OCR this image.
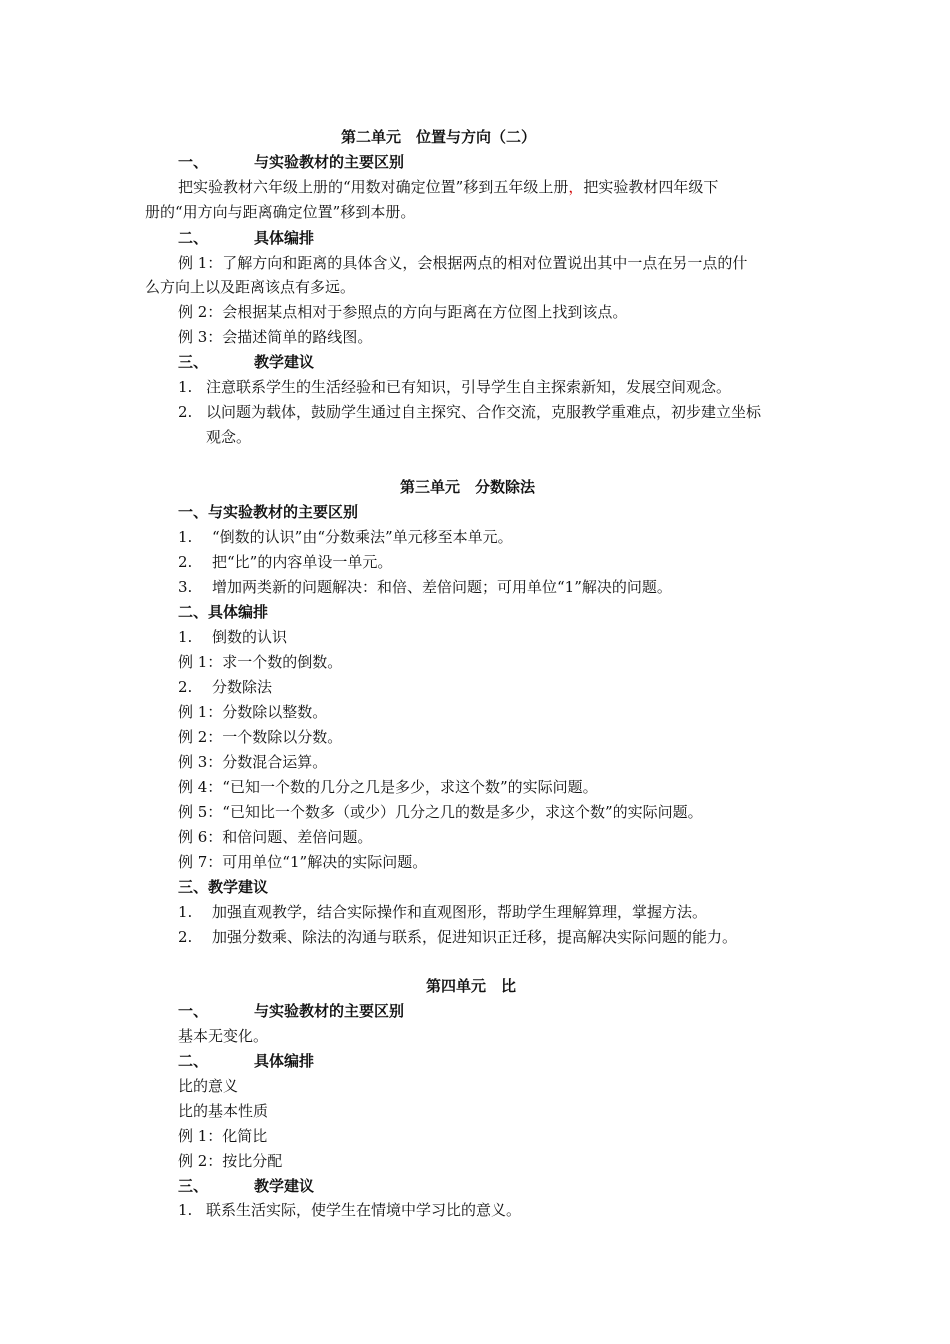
第二单元　位置与方向（二）
一、	与实验教材的主要区别
把实验教材六年级上册的“用数对确定位置”移到五年级上册，把实验教材四年级下
册的“用方向与距离确定位置”移到本册。
二、	具体编排
例 1：了解方向和距离的具体含义，会根据两点的相对位置说出其中一点在另一点的什
么方向上以及距离该点有多远。
例 2：会根据某点相对于参照点的方向与距离在方位图上找到该点。
例 3：会描述简单的路线图。
三、	教学建议
1. 注意联系学生的生活经验和已有知识，引导学生自主探索新知，发展空间观念。
2. 以问题为载体，鼓励学生通过自主探究、合作交流，克服教学重难点，初步建立坐标
观念。
第三单元　分数除法
一、与实验教材的主要区别
1. “倒数的认识”由“分数乘法”单元移至本单元。
2. 把“比”的内容单设一单元。
3. 增加两类新的问题解决：和倍、差倍问题；可用单位“1”解决的问题。
二、具体编排
1. 倒数的认识
例 1：求一个数的倒数。
2. 分数除法
例 1：分数除以整数。
例 2：一个数除以分数。
例 3：分数混合运算。
例 4：“已知一个数的几分之几是多少，求这个数”的实际问题。
例 5：“已知比一个数多（或少）几分之几的数是多少，求这个数”的实际问题。
例 6：和倍问题、差倍问题。
例 7：可用单位“1”解决的实际问题。
三、教学建议
1. 加强直观教学，结合实际操作和直观图形，帮助学生理解算理，掌握方法。
2. 加强分数乘、除法的沟通与联系，促进知识正迁移，提高解决实际问题的能力。
第四单元　比
一、	与实验教材的主要区别
基本无变化。
二、	具体编排
比的意义
比的基本性质
例 1：化简比
例 2：按比分配
三、	教学建议
1. 联系生活实际，使学生在情境中学习比的意义。
